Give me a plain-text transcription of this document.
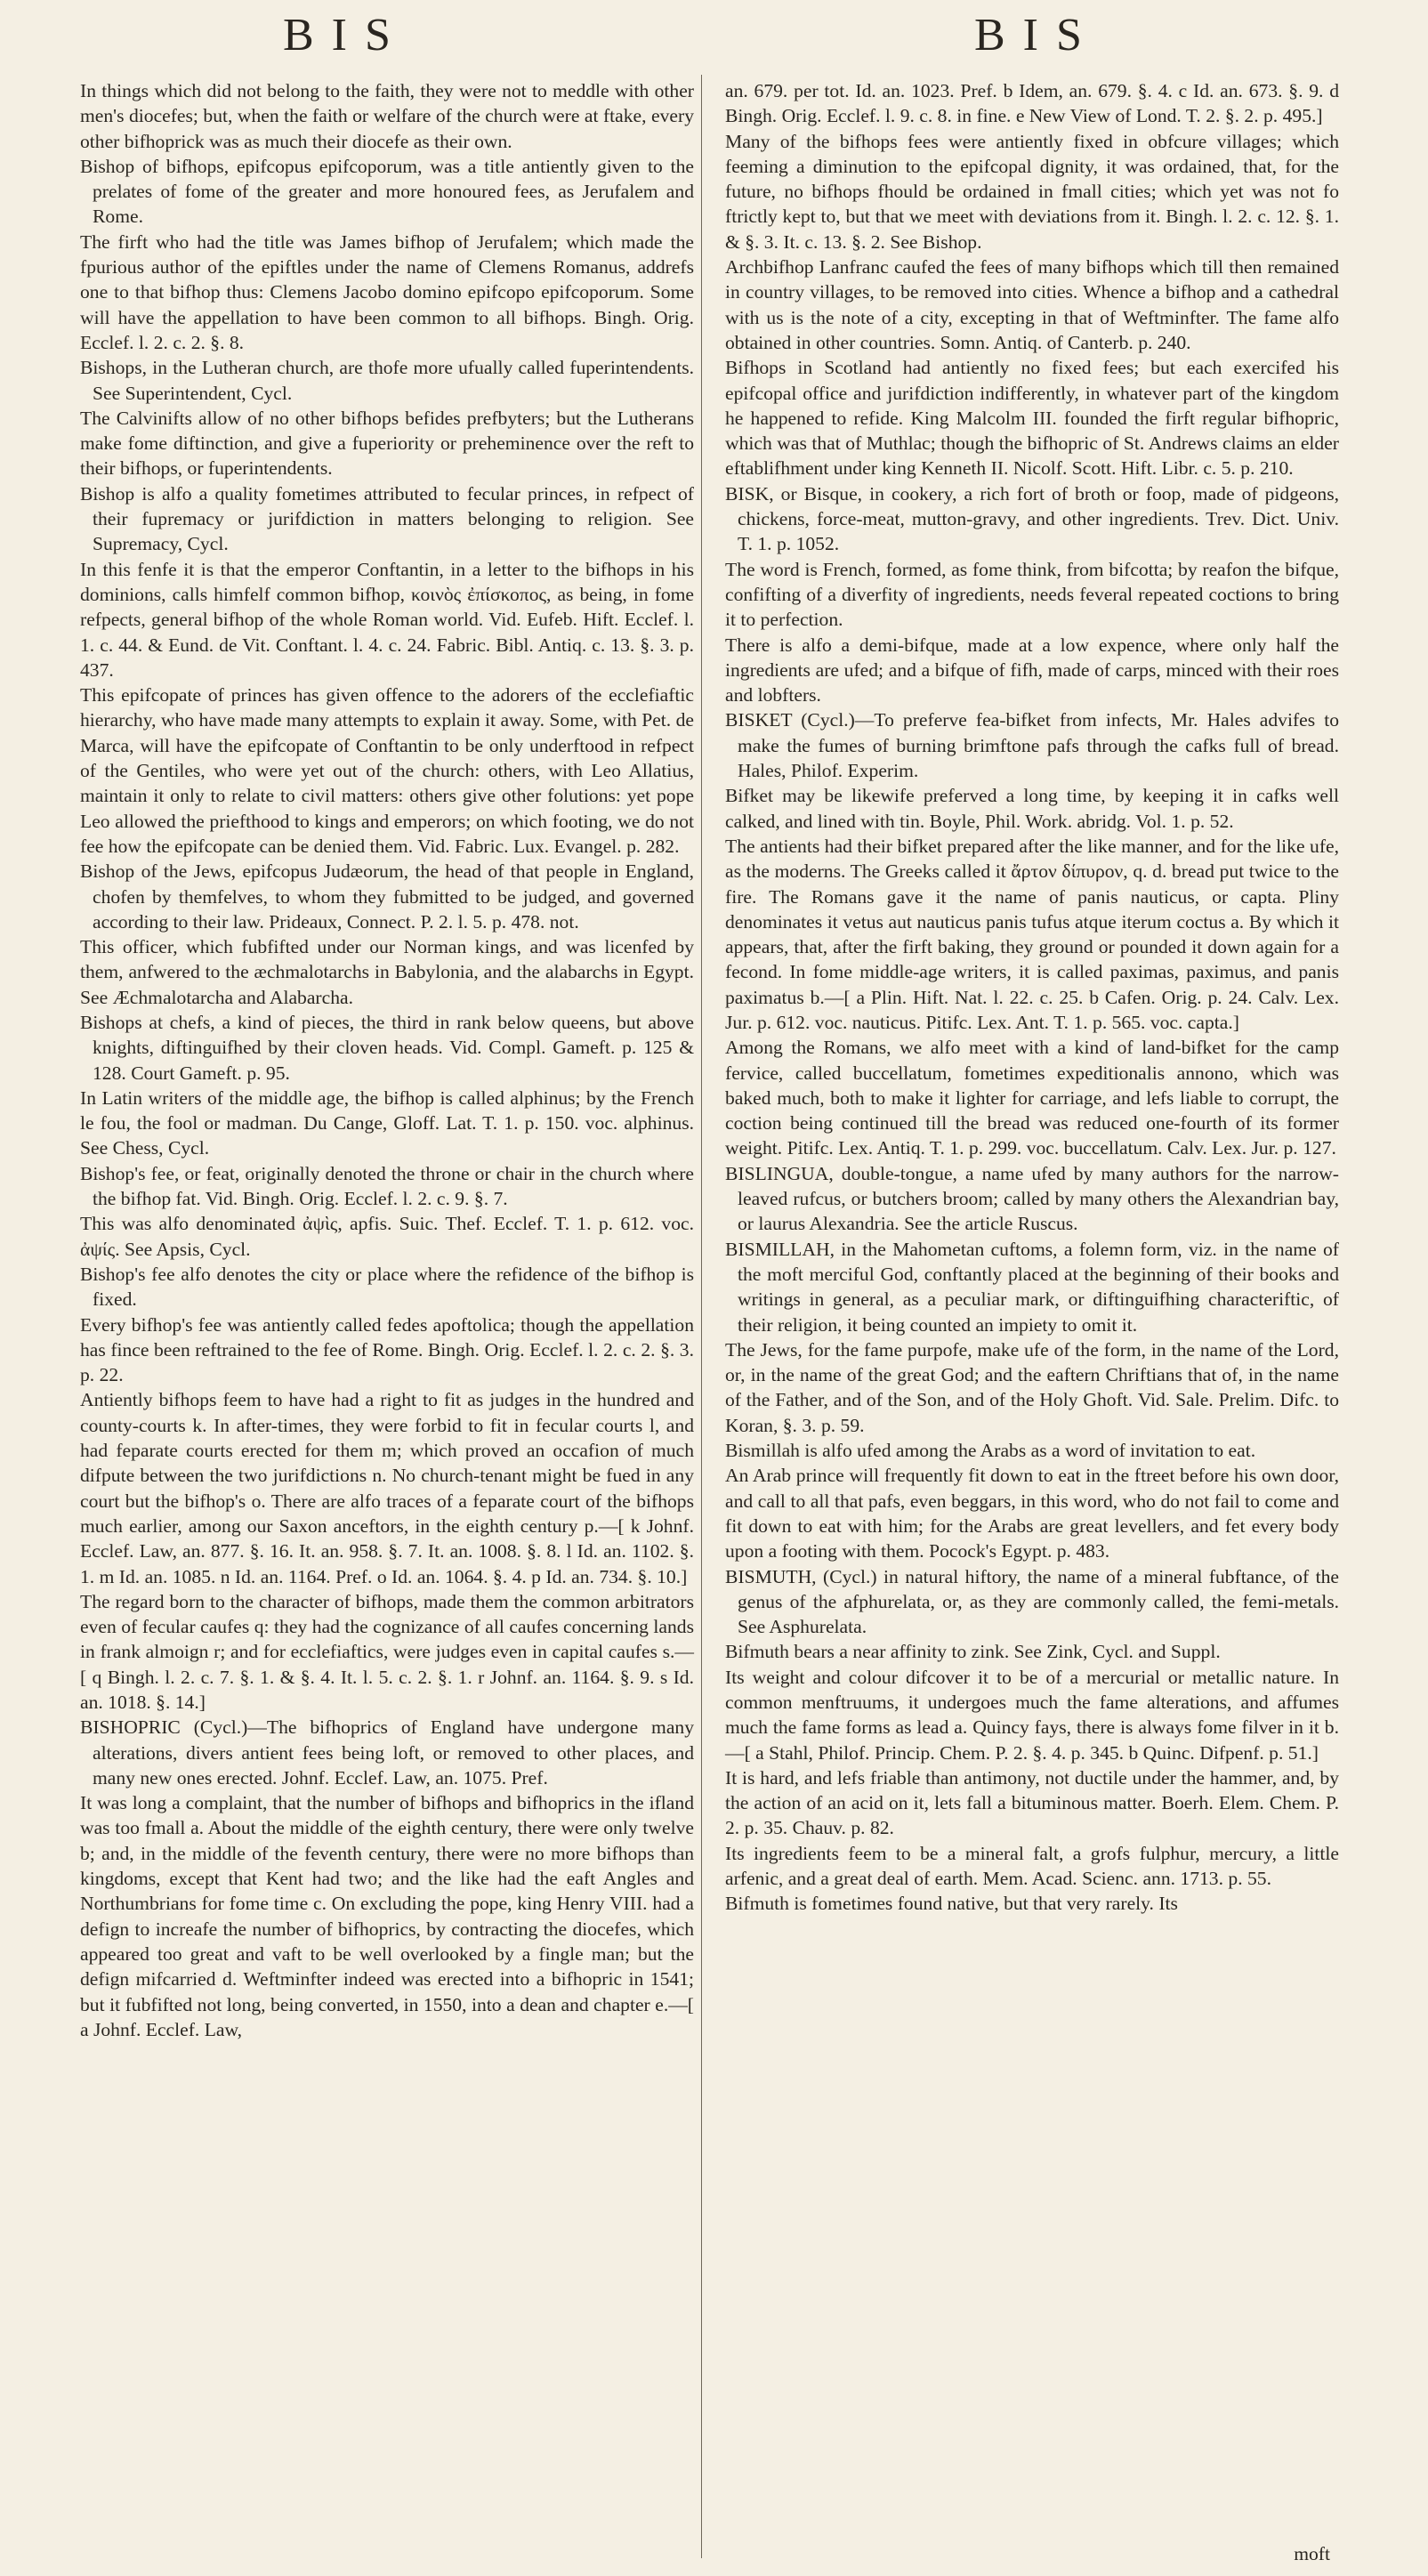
BIS	BIS

In things which did not belong to the faith, they were not to meddle with other men's diocefes; but, when the faith or welfare of the church were at ftake, every other bifhoprick was as much their diocefe as their own.

Bishop of bifhops, epifcopus epifcoporum, was a title antiently given to the prelates of fome of the greater and more honoured fees, as Jerufalem and Rome.

The firft who had the title was James bifhop of Jerufalem; which made the fpurious author of the epiftles under the name of Clemens Romanus, addrefs one to that bifhop thus: Clemens Jacobo domino epifcopo epifcoporum. Some will have the appellation to have been common to all bifhops. Bingh. Orig. Ecclef. l. 2. c. 2. §. 8.

Bishops, in the Lutheran church, are thofe more ufually called fuperintendents. See Superintendent, Cycl.

The Calvinifts allow of no other bifhops befides prefbyters; but the Lutherans make fome diftinction, and give a fuperiority or preheminence over the reft to their bifhops, or fuperintendents.

Bishop is alfo a quality fometimes attributed to fecular princes, in refpect of their fupremacy or jurifdiction in matters belonging to religion. See Supremacy, Cycl.

In this fenfe it is that the emperor Conftantin, in a letter to the bifhops in his dominions, calls himfelf common bifhop, κοινὸς ἐπίσκοπος, as being, in fome refpects, general bifhop of the whole Roman world. Vid. Eufeb. Hift. Ecclef. l. 1. c. 44. & Eund. de Vit. Conftant. l. 4. c. 24. Fabric. Bibl. Antiq. c. 13. §. 3. p. 437.

This epifcopate of princes has given offence to the adorers of the ecclefiaftic hierarchy, who have made many attempts to explain it away. Some, with Pet. de Marca, will have the epifcopate of Conftantin to be only underftood in refpect of the Gentiles, who were yet out of the church: others, with Leo Allatius, maintain it only to relate to civil matters: others give other folutions: yet pope Leo allowed the priefthood to kings and emperors; on which footing, we do not fee how the epifcopate can be denied them. Vid. Fabric. Lux. Evangel. p. 282.

Bishop of the Jews, epifcopus Judæorum, the head of that people in England, chofen by themfelves, to whom they fubmitted to be judged, and governed according to their law. Prideaux, Connect. P. 2. l. 5. p. 478. not.

This officer, which fubfifted under our Norman kings, and was licenfed by them, anfwered to the æchmalotarchs in Babylonia, and the alabarchs in Egypt. See Æchmalotarcha and Alabarcha.

Bishops at chefs, a kind of pieces, the third in rank below queens, but above knights, diftinguifhed by their cloven heads. Vid. Compl. Gameft. p. 125 & 128. Court Gameft. p. 95.

In Latin writers of the middle age, the bifhop is called alphinus; by the French le fou, the fool or madman. Du Cange, Gloff. Lat. T. 1. p. 150. voc. alphinus. See Chess, Cycl.

Bishop's fee, or feat, originally denoted the throne or chair in the church where the bifhop fat. Vid. Bingh. Orig. Ecclef. l. 2. c. 9. §. 7.

This was alfo denominated ἀψὶς, apfis. Suic. Thef. Ecclef. T. 1. p. 612. voc. ἀψίς. See Apsis, Cycl.

Bishop's fee alfo denotes the city or place where the refidence of the bifhop is fixed.

Every bifhop's fee was antiently called fedes apoftolica; though the appellation has fince been reftrained to the fee of Rome. Bingh. Orig. Ecclef. l. 2. c. 2. §. 3. p. 22.

Antiently bifhops feem to have had a right to fit as judges in the hundred and county-courts k. In after-times, they were forbid to fit in fecular courts l, and had feparate courts erected for them m; which proved an occafion of much difpute between the two jurifdictions n. No church-tenant might be fued in any court but the bifhop's o. There are alfo traces of a feparate court of the bifhops much earlier, among our Saxon anceftors, in the eighth century p.—[ k Johnf. Ecclef. Law, an. 877. §. 16. It. an. 958. §. 7. It. an. 1008. §. 8. l Id. an. 1102. §. 1. m Id. an. 1085. n Id. an. 1164. Pref. o Id. an. 1064. §. 4. p Id. an. 734. §. 10.]

The regard born to the character of bifhops, made them the common arbitrators even of fecular caufes q: they had the cognizance of all caufes concerning lands in frank almoign r; and for ecclefiaftics, were judges even in capital caufes s.—[ q Bingh. l. 2. c. 7. §. 1. & §. 4. It. l. 5. c. 2. §. 1. r Johnf. an. 1164. §. 9. s Id. an. 1018. §. 14.]

BISHOPRIC (Cycl.)—The bifhoprics of England have undergone many alterations, divers antient fees being loft, or removed to other places, and many new ones erected. Johnf. Ecclef. Law, an. 1075. Pref.

It was long a complaint, that the number of bifhops and bifhoprics in the ifland was too fmall a. About the middle of the eighth century, there were only twelve b; and, in the middle of the feventh century, there were no more bifhops than kingdoms, except that Kent had two; and the like had the eaft Angles and Northumbrians for fome time c. On excluding the pope, king Henry VIII. had a defign to increafe the number of bifhoprics, by contracting the diocefes, which appeared too great and vaft to be well overlooked by a fingle man; but the defign mifcarried d. Weftminfter indeed was erected into a bifhopric in 1541; but it fubfifted not long, being converted, in 1550, into a dean and chapter e.—[ a Johnf. Ecclef. Law,

an. 679. per tot. Id. an. 1023. Pref. b Idem, an. 679. §. 4. c Id. an. 673. §. 9. d Bingh. Orig. Ecclef. l. 9. c. 8. in fine. e New View of Lond. T. 2. §. 2. p. 495.]

Many of the bifhops fees were antiently fixed in obfcure villages; which feeming a diminution to the epifcopal dignity, it was ordained, that, for the future, no bifhops fhould be ordained in fmall cities; which yet was not fo ftrictly kept to, but that we meet with deviations from it. Bingh. l. 2. c. 12. §. 1. & §. 3. It. c. 13. §. 2. See Bishop.

Archbifhop Lanfranc caufed the fees of many bifhops which till then remained in country villages, to be removed into cities. Whence a bifhop and a cathedral with us is the note of a city, excepting in that of Weftminfter. The fame alfo obtained in other countries. Somn. Antiq. of Canterb. p. 240.

Bifhops in Scotland had antiently no fixed fees; but each exercifed his epifcopal office and jurifdiction indifferently, in whatever part of the kingdom he happened to refide. King Malcolm III. founded the firft regular bifhopric, which was that of Muthlac; though the bifhopric of St. Andrews claims an elder eftablifhment under king Kenneth II. Nicolf. Scott. Hift. Libr. c. 5. p. 210.

BISK, or Bisque, in cookery, a rich fort of broth or foop, made of pidgeons, chickens, force-meat, mutton-gravy, and other ingredients. Trev. Dict. Univ. T. 1. p. 1052.

The word is French, formed, as fome think, from bifcotta; by reafon the bifque, confifting of a diverfity of ingredients, needs feveral repeated coctions to bring it to perfection.

There is alfo a demi-bifque, made at a low expence, where only half the ingredients are ufed; and a bifque of fifh, made of carps, minced with their roes and lobfters.

BISKET (Cycl.)—To preferve fea-bifket from infects, Mr. Hales advifes to make the fumes of burning brimftone pafs through the cafks full of bread. Hales, Philof. Experim.

Bifket may be likewife preferved a long time, by keeping it in cafks well calked, and lined with tin. Boyle, Phil. Work. abridg. Vol. 1. p. 52.

The antients had their bifket prepared after the like manner, and for the like ufe, as the moderns. The Greeks called it ἄρτον δίπυρον, q. d. bread put twice to the fire. The Romans gave it the name of panis nauticus, or capta. Pliny denominates it vetus aut nauticus panis tufus atque iterum coctus a. By which it appears, that, after the firft baking, they ground or pounded it down again for a fecond. In fome middle-age writers, it is called paximas, paximus, and panis paximatus b.—[ a Plin. Hift. Nat. l. 22. c. 25. b Cafen. Orig. p. 24. Calv. Lex. Jur. p. 612. voc. nauticus. Pitifc. Lex. Ant. T. 1. p. 565. voc. capta.]

Among the Romans, we alfo meet with a kind of land-bifket for the camp fervice, called buccellatum, fometimes expeditionalis annono, which was baked much, both to make it lighter for carriage, and lefs liable to corrupt, the coction being continued till the bread was reduced one-fourth of its former weight. Pitifc. Lex. Antiq. T. 1. p. 299. voc. buccellatum. Calv. Lex. Jur. p. 127.

BISLINGUA, double-tongue, a name ufed by many authors for the narrow-leaved rufcus, or butchers broom; called by many others the Alexandrian bay, or laurus Alexandria. See the article Ruscus.

BISMILLAH, in the Mahometan cuftoms, a folemn form, viz. in the name of the moft merciful God, conftantly placed at the beginning of their books and writings in general, as a peculiar mark, or diftinguifhing characteriftic, of their religion, it being counted an impiety to omit it.

The Jews, for the fame purpofe, make ufe of the form, in the name of the Lord, or, in the name of the great God; and the eaftern Chriftians that of, in the name of the Father, and of the Son, and of the Holy Ghoft. Vid. Sale. Prelim. Difc. to Koran, §. 3. p. 59.

Bismillah is alfo ufed among the Arabs as a word of invitation to eat.

An Arab prince will frequently fit down to eat in the ftreet before his own door, and call to all that pafs, even beggars, in this word, who do not fail to come and fit down to eat with him; for the Arabs are great levellers, and fet every body upon a footing with them. Pocock's Egypt. p. 483.

BISMUTH, (Cycl.) in natural hiftory, the name of a mineral fubftance, of the genus of the afphurelata, or, as they are commonly called, the femi-metals. See Asphurelata.

Bifmuth bears a near affinity to zink. See Zink, Cycl. and Suppl.

Its weight and colour difcover it to be of a mercurial or metallic nature. In common menftruums, it undergoes much the fame alterations, and affumes much the fame forms as lead a. Quincy fays, there is always fome filver in it b.—[ a Stahl, Philof. Princip. Chem. P. 2. §. 4. p. 345. b Quinc. Difpenf. p. 51.]

It is hard, and lefs friable than antimony, not ductile under the hammer, and, by the action of an acid on it, lets fall a bituminous matter. Boerh. Elem. Chem. P. 2. p. 35. Chauv. p. 82.

Its ingredients feem to be a mineral falt, a grofs fulphur, mercury, a little arfenic, and a great deal of earth. Mem. Acad. Scienc. ann. 1713. p. 55.

Bifmuth is fometimes found native, but that very rarely. Its

moft
